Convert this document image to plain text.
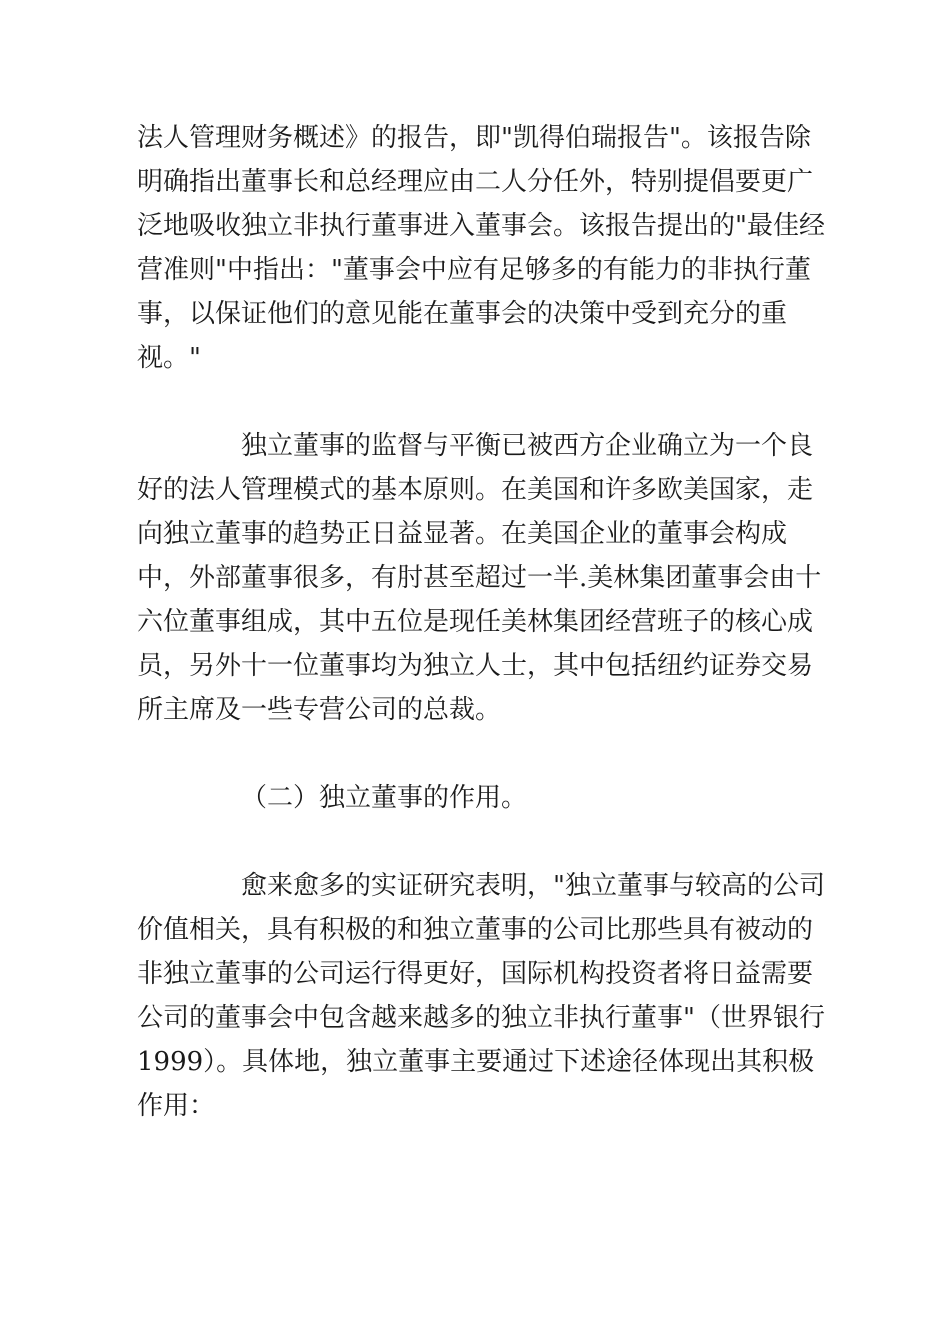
法人管理财务概述》的报告，即"凯得伯瑞报告"。该报告除明确指出董事长和总经理应由二人分任外，特别提倡要更广泛地吸收独立非执行董事进入董事会。该报告提出的"最佳经营准则"中指出："董事会中应有足够多的有能力的非执行董事，以保证他们的意见能在董事会的决策中受到充分的重视。"

独立董事的监督与平衡已被西方企业确立为一个良好的法人管理模式的基本原则。在美国和许多欧美国家，走向独立董事的趋势正日益显著。在美国企业的董事会构成中，外部董事很多，有肘甚至超过一半.美林集团董事会由十六位董事组成，其中五位是现任美林集团经营班子的核心成员，另外十一位董事均为独立人士，其中包括纽约证券交易所主席及一些专营公司的总裁。

（二）独立董事的作用。

愈来愈多的实证研究表明，"独立董事与较高的公司价值相关，具有积极的和独立董事的公司比那些具有被动的非独立董事的公司运行得更好，国际机构投资者将日益需要公司的董事会中包含越来越多的独立非执行董事"（世界银行1999）。具体地，独立董事主要通过下述途径体现出其积极作用：
